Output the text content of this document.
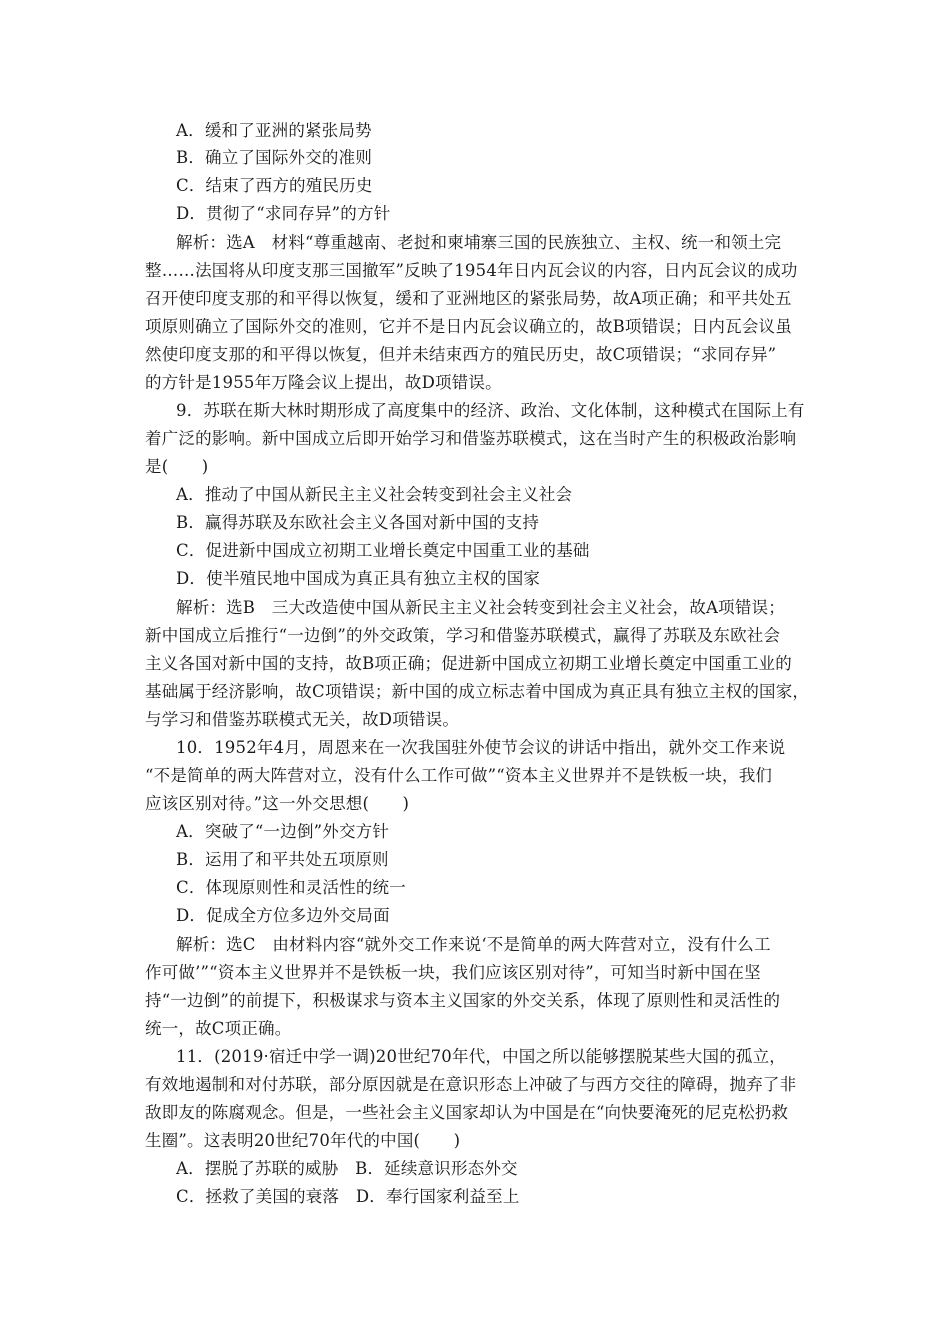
A．缓和了亚洲的紧张局势
B．确立了国际外交的准则
C．结束了西方的殖民历史
D．贯彻了“求同存异”的方针
解析：选A　材料“尊重越南、老挝和柬埔寨三国的民族独立、主权、统一和领土完
整……法国将从印度支那三国撤军”反映了1954年日内瓦会议的内容，日内瓦会议的成功
召开使印度支那的和平得以恢复，缓和了亚洲地区的紧张局势，故A项正确；和平共处五
项原则确立了国际外交的准则，它并不是日内瓦会议确立的，故B项错误；日内瓦会议虽
然使印度支那的和平得以恢复，但并未结束西方的殖民历史，故C项错误；“求同存异”
的方针是1955年万隆会议上提出，故D项错误。
9．苏联在斯大林时期形成了高度集中的经济、政治、文化体制，这种模式在国际上有
着广泛的影响。新中国成立后即开始学习和借鉴苏联模式，这在当时产生的积极政治影响
是(　　)
A．推动了中国从新民主主义社会转变到社会主义社会
B．赢得苏联及东欧社会主义各国对新中国的支持
C．促进新中国成立初期工业增长奠定中国重工业的基础
D．使半殖民地中国成为真正具有独立主权的国家
解析：选B　三大改造使中国从新民主主义社会转变到社会主义社会，故A项错误；
新中国成立后推行“一边倒”的外交政策，学习和借鉴苏联模式，赢得了苏联及东欧社会
主义各国对新中国的支持，故B项正确；促进新中国成立初期工业增长奠定中国重工业的
基础属于经济影响，故C项错误；新中国的成立标志着中国成为真正具有独立主权的国家，
与学习和借鉴苏联模式无关，故D项错误。
10．1952年4月，周恩来在一次我国驻外使节会议的讲话中指出，就外交工作来说
“不是简单的两大阵营对立，没有什么工作可做”“资本主义世界并不是铁板一块，我们
应该区别对待。”这一外交思想(　　)
A．突破了“一边倒”外交方针
B．运用了和平共处五项原则
C．体现原则性和灵活性的统一
D．促成全方位多边外交局面
解析：选C　由材料内容“就外交工作来说‘不是简单的两大阵营对立，没有什么工
作可做’”“资本主义世界并不是铁板一块，我们应该区别对待”，可知当时新中国在坚
持“一边倒”的前提下，积极谋求与资本主义国家的外交关系，体现了原则性和灵活性的
统一，故C项正确。
11．(2019·宿迁中学一调)20世纪70年代，中国之所以能够摆脱某些大国的孤立，
有效地遏制和对付苏联，部分原因就是在意识形态上冲破了与西方交往的障碍，抛弃了非
敌即友的陈腐观念。但是，一些社会主义国家却认为中国是在“向快要淹死的尼克松扔救
生圈”。这表明20世纪70年代的中国(　　)
A．摆脱了苏联的威胁　B．延续意识形态外交
C．拯救了美国的衰落　D．奉行国家利益至上
